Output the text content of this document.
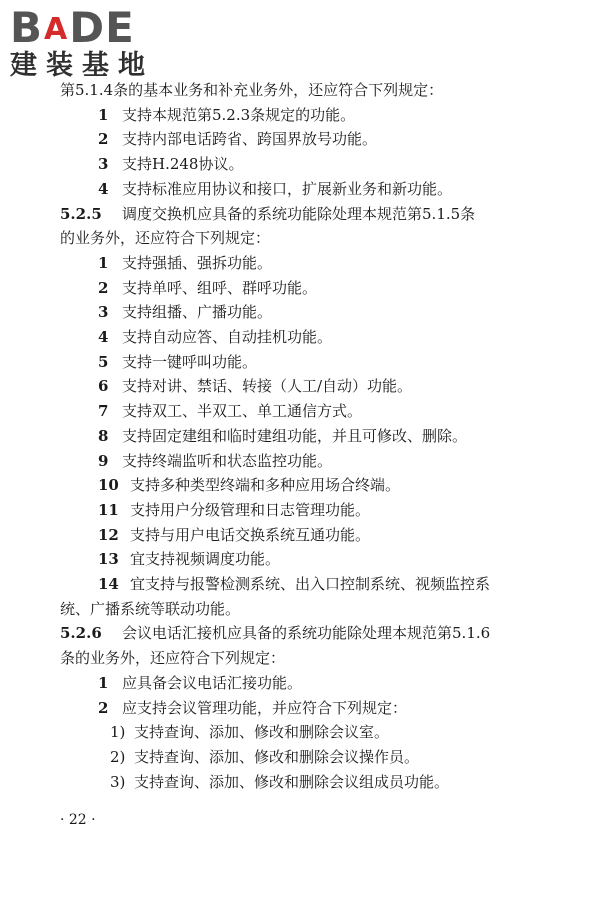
B A DE
建装基地
第5.1.4条的基本业务和补充业务外，还应符合下列规定：
1 支持本规范第5.2.3条规定的功能。
2 支持内部电话跨省、跨国界放号功能。
3 支持H.248协议。
4 支持标准应用协议和接口，扩展新业务和新功能。
5.2.5 调度交换机应具备的系统功能除处理本规范第5.1.5条
的业务外，还应符合下列规定：
1 支持强插、强拆功能。
2 支持单呼、组呼、群呼功能。
3 支持组播、广播功能。
4 支持自动应答、自动挂机功能。
5 支持一键呼叫功能。
6 支持对讲、禁话、转接（人工/自动）功能。
7 支持双工、半双工、单工通信方式。
8 支持固定建组和临时建组功能，并且可修改、删除。
9 支持终端监听和状态监控功能。
10 支持多种类型终端和多种应用场合终端。
11 支持用户分级管理和日志管理功能。
12 支持与用户电话交换系统互通功能。
13 宜支持视频调度功能。
14 宜支持与报警检测系统、出入口控制系统、视频监控系
统、广播系统等联动功能。
5.2.6 会议电话汇接机应具备的系统功能除处理本规范第5.1.6
条的业务外，还应符合下列规定：
1 应具备会议电话汇接功能。
2 应支持会议管理功能，并应符合下列规定：
1) 支持查询、添加、修改和删除会议室。
2) 支持查询、添加、修改和删除会议操作员。
3) 支持查询、添加、修改和删除会议组成员功能。
· 22 ·
